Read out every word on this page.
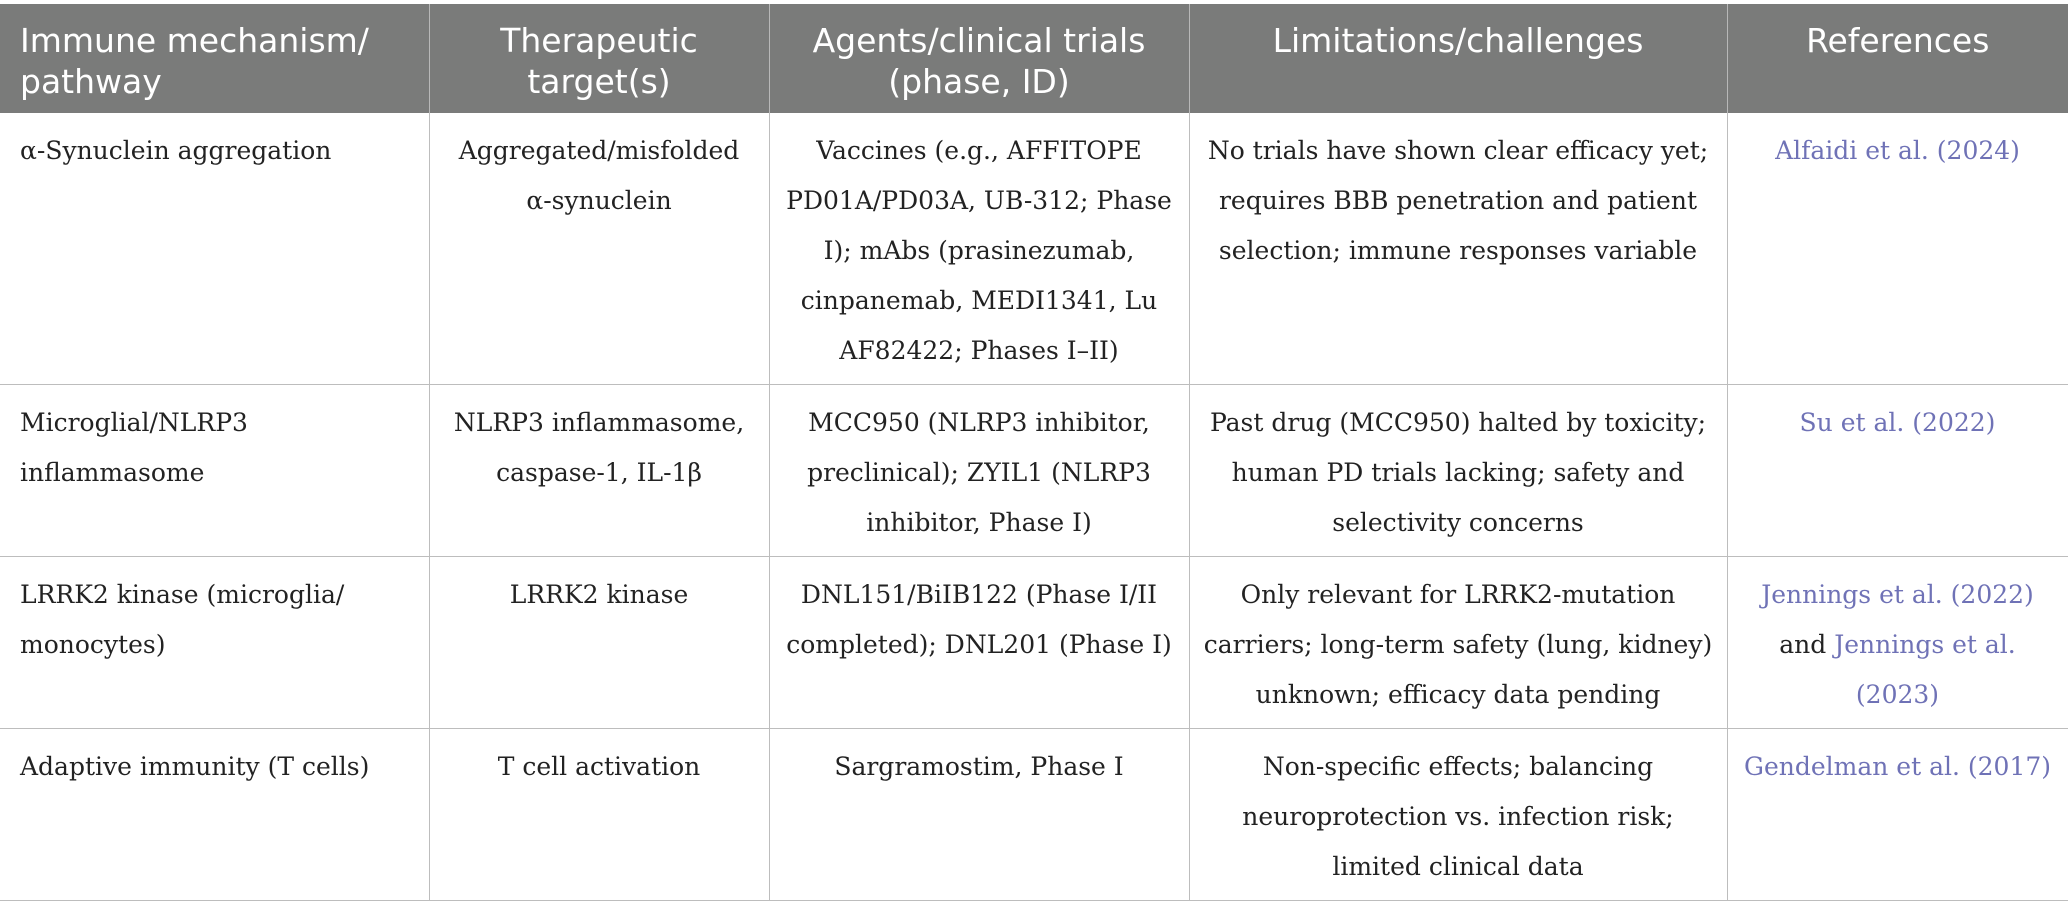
Immune mechanism/ pathway	Therapeutic target(s)	Agents/clinical trials (phase, ID)	Limitations/challenges	References
α-Synuclein aggregation	Aggregated/misfolded α-synuclein	Vaccines (e.g., AFFITOPE PD01A/PD03A, UB-312; Phase I); mAbs (prasinezumab, cinpanemab, MEDI1341, Lu AF82422; Phases I–II)	No trials have shown clear efficacy yet; requires BBB penetration and patient selection; immune responses variable	Alfaidi et al. (2024)
Microglial/NLRP3 inflammasome	NLRP3 inflammasome, caspase-1, IL-1β	MCC950 (NLRP3 inhibitor, preclinical); ZYIL1 (NLRP3 inhibitor, Phase I)	Past drug (MCC950) halted by toxicity; human PD trials lacking; safety and selectivity concerns	Su et al. (2022)
LRRK2 kinase (microglia/ monocytes)	LRRK2 kinase	DNL151/BiIB122 (Phase I/II completed); DNL201 (Phase I)	Only relevant for LRRK2-mutation carriers; long-term safety (lung, kidney) unknown; efficacy data pending	Jennings et al. (2022) and Jennings et al. (2023)
Adaptive immunity (T cells)	T cell activation	Sargramostim, Phase I	Non-specific effects; balancing neuroprotection vs. infection risk; limited clinical data	Gendelman et al. (2017)
